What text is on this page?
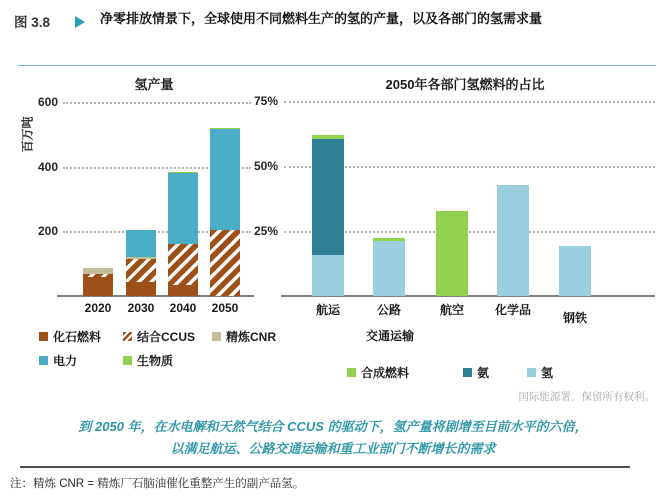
图 3.8	净零排放情景下，全球使用不同燃料生产的氢的产量，以及各部门的氢需求量
200
400
600
2020	2030	2040	2050
氢产量
百万吨
化石燃料	结合CCUS	精炼CNR
电力	生物质
25%
50%
75%
航运	公路	航空	化学品
钢铁
2050年各部门氢燃料的占比
交通运输
合成燃料	氨	氢
国际能源署。保留所有权利。
到 2050 年，在水电解和天然气结合 CCUS 的驱动下，氢产量将剧增至目前水平的六倍，
以满足航运、公路交通运输和重工业部门不断增长的需求
注：精炼 CNR = 精炼厂石脑油催化重整产生的副产品氢。
